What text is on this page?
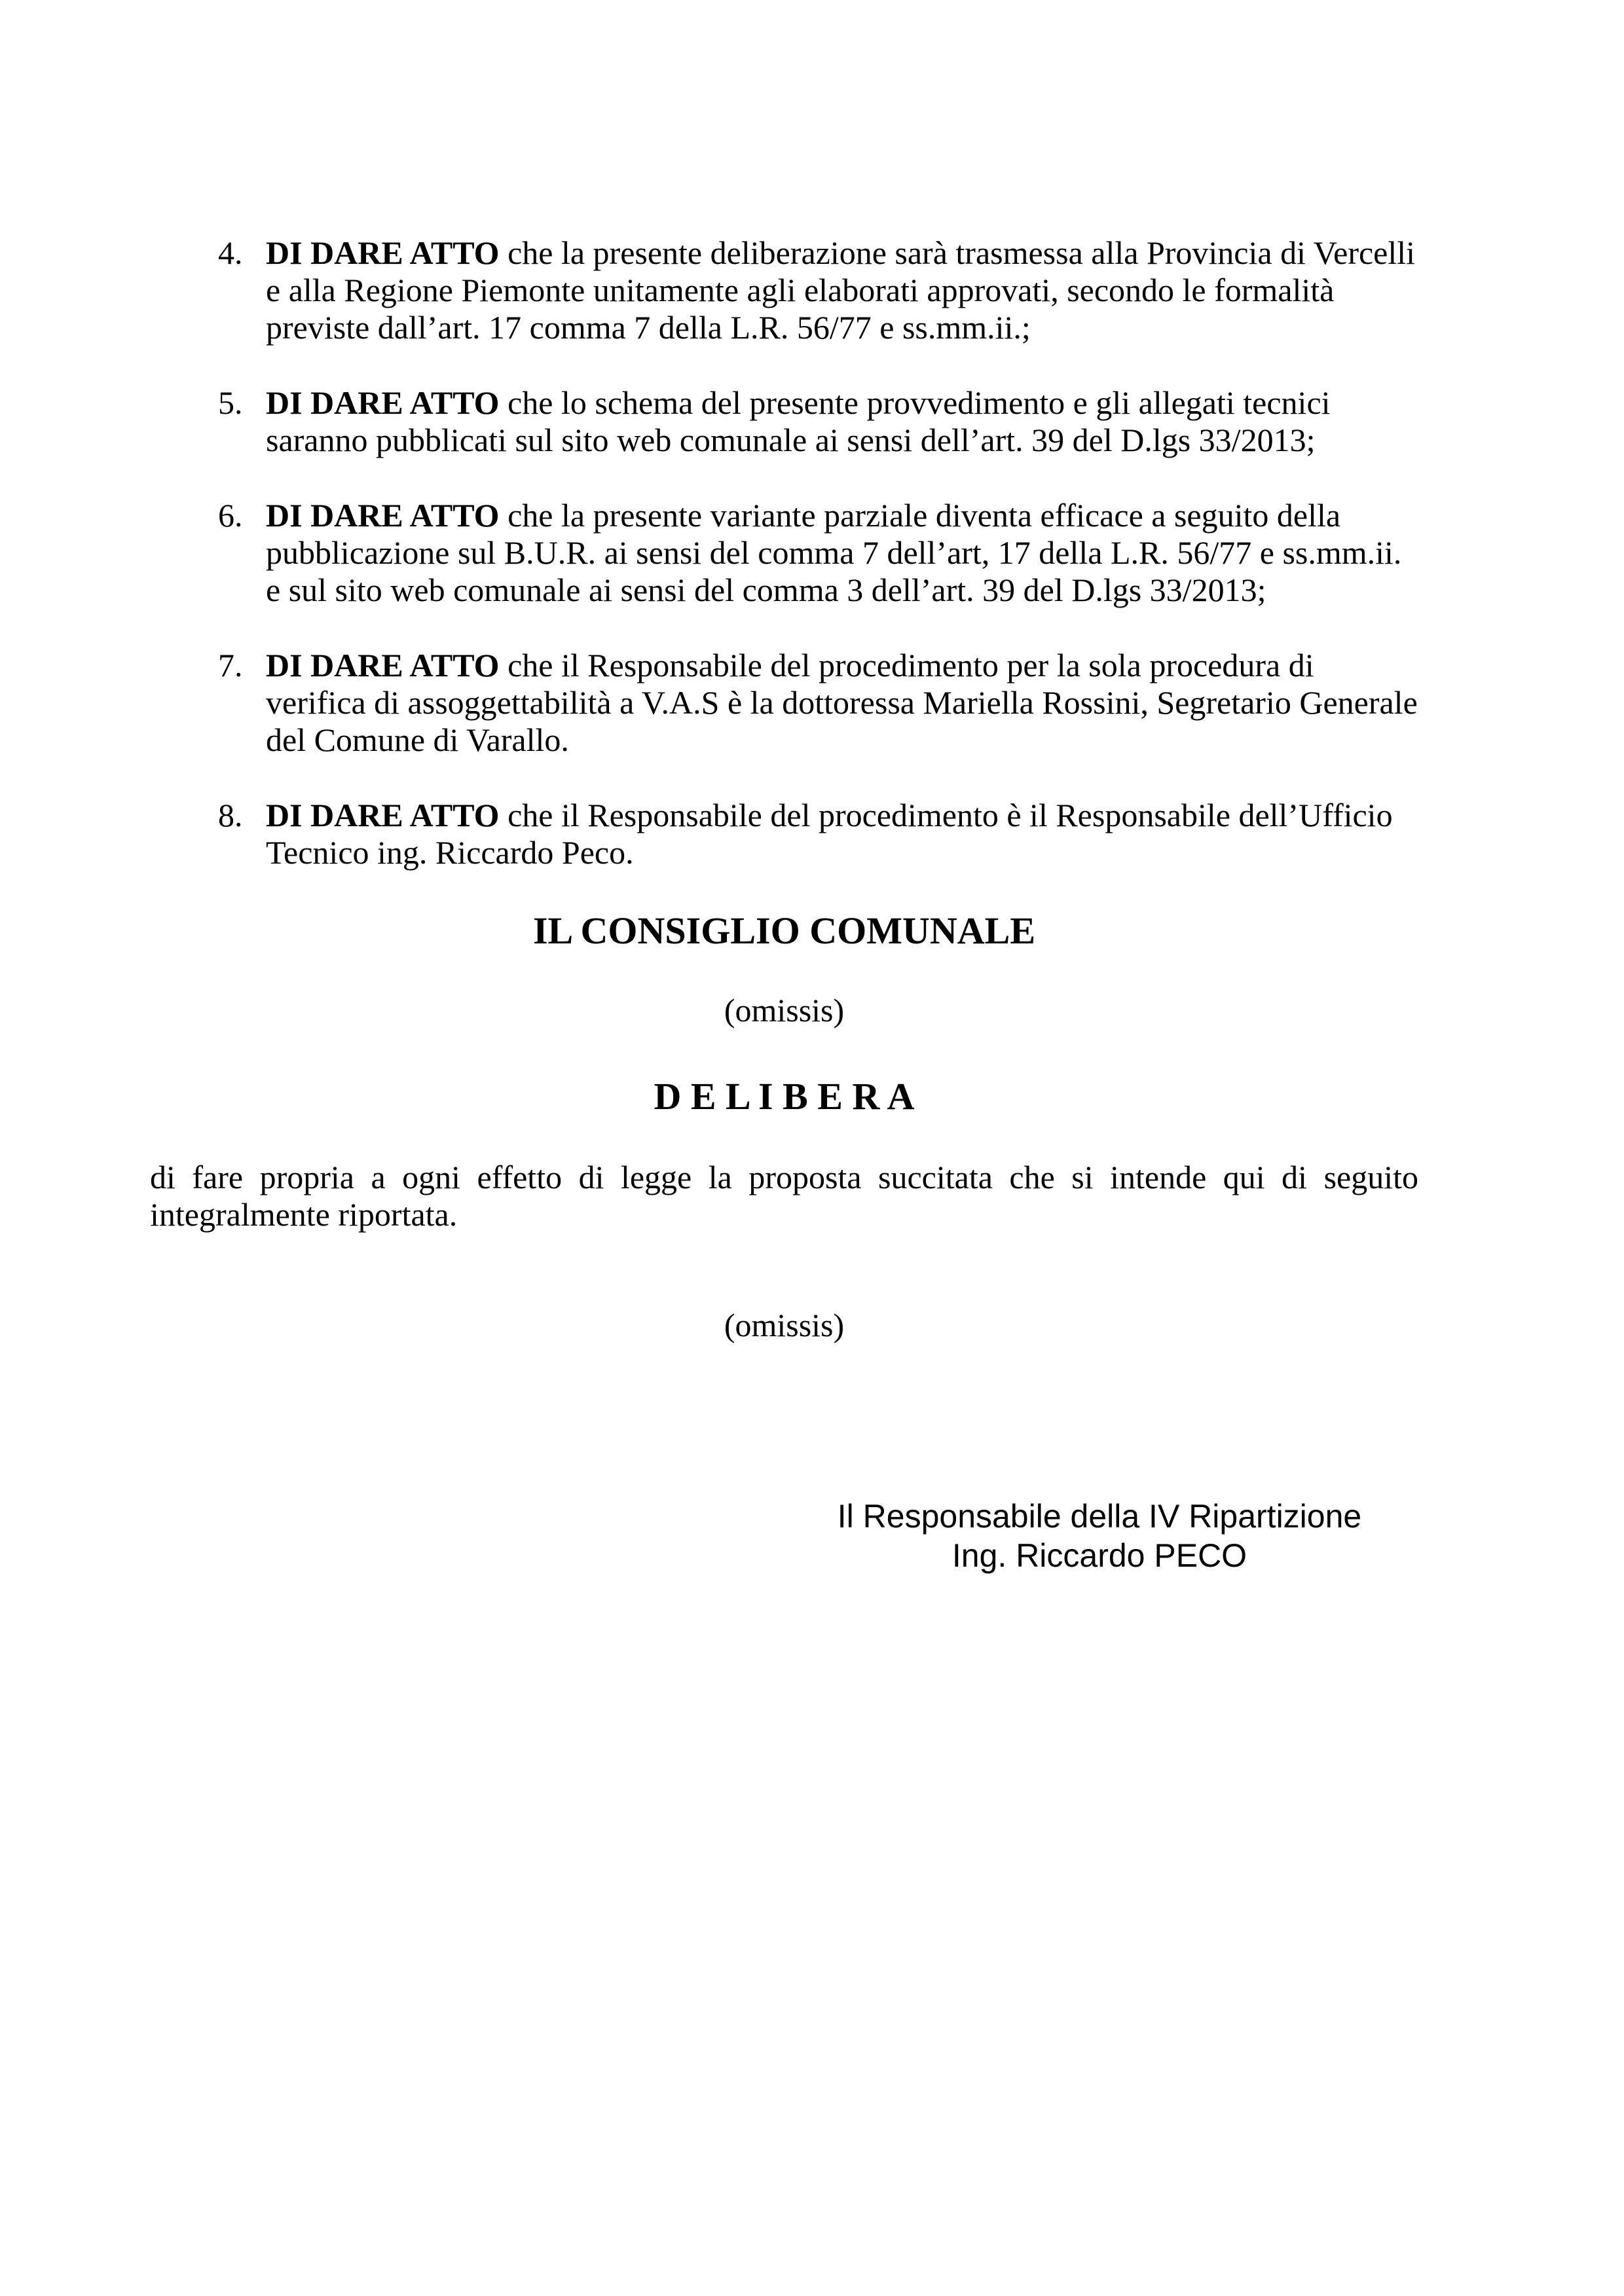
4. DI DARE ATTO che la presente deliberazione sarà trasmessa alla Provincia di Vercelli e alla Regione Piemonte unitamente agli elaborati approvati, secondo le formalità previste dall’art. 17 comma 7 della L.R. 56/77 e ss.mm.ii.;
5. DI DARE ATTO che lo schema del presente provvedimento e gli allegati tecnici saranno pubblicati sul sito web comunale ai sensi dell’art. 39 del D.lgs 33/2013;
6. DI DARE ATTO che la presente variante parziale diventa efficace a seguito della pubblicazione sul B.U.R. ai sensi del comma 7 dell’art, 17 della L.R. 56/77 e ss.mm.ii. e sul sito web comunale ai sensi del comma 3 dell’art. 39 del D.lgs 33/2013;
7. DI DARE ATTO che il Responsabile del procedimento per la sola procedura di verifica di assoggettabilità a V.A.S è la dottoressa Mariella Rossini, Segretario Generale del Comune di Varallo.
8. DI DARE ATTO che il Responsabile del procedimento è il Responsabile dell’Ufficio Tecnico ing. Riccardo Peco.
IL CONSIGLIO COMUNALE
(omissis)
D E L I B E R A

di fare propria a ogni effetto di legge la proposta succitata che si intende qui di seguito integralmente riportata.

(omissis)
Il Responsabile della IV Ripartizione
Ing. Riccardo PECO
